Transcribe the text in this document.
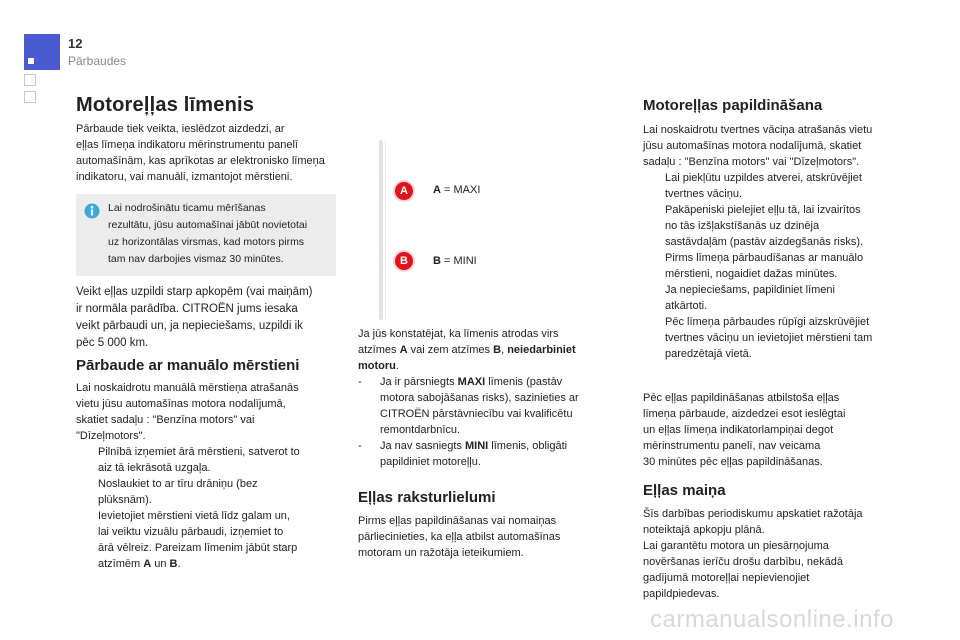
12
Pārbaudes
Motoreļļas līmenis

Pārbaude tiek veikta, ieslēdzot aizdedzi, ar

eļļas līmeņa indikatoru mērinstrumentu panelī

automašīnām, kas aprīkotas ar elektronisko līmeņa

indikatoru, vai manuāli, izmantojot mērstieni.

Lai nodrošinātu ticamu mērīšanas
rezultātu, jūsu automašīnai jābūt novietotai
uz horizontālas virsmas, kad motors pirms
tam nav darbojies vismaz 30 minūtes.

Veikt eļļas uzpildi starp apkopēm (vai maiņām)

ir normāla parādība. CITROËN jums iesaka

veikt pārbaudi un, ja nepieciešams, uzpildi ik

pēc 5 000 km.

Pārbaude ar manuālo mērstieni

Lai noskaidrotu manuālā mērstieņa atrašanās

vietu jūsu automašīnas motora nodalījumā,

skatiet sadaļu : "Benzīna motors" vai

"Dīzeļmotors".

Pilnībā izņemiet ārā mērstieni, satverot to

aiz tā iekrāsotā uzgaļa.

Noslaukiet to ar tīru drāniņu (bez

plūksnām).

Ievietojiet mērstieni vietā līdz galam un,

lai veiktu vizuālu pārbaudi, izņemiet to

ārā vēlreiz. Pareizam līmenim jābūt starp

atzīmēm A un B.

A	A = MAXI
B	B = MINI

Ja jūs konstatējat, ka līmenis atrodas virs

atzīmes A vai zem atzīmes B, neiedarbiniet

motoru.

- Ja ir pārsniegts MAXI līmenis (pastāv

motora sabojāšanas risks), sazinieties ar

CITROËN pārstāvniecību vai kvalificētu

remontdarbnīcu.

- Ja nav sasniegts MINI līmenis, obligāti

papildiniet motoreļļu.

Eļļas raksturlielumi

Pirms eļļas papildināšanas vai nomaiņas

pārliecinieties, ka eļļa atbilst automašīnas

motoram un ražotāja ieteikumiem.

Motoreļļas papildināšana

Lai noskaidrotu tvertnes vāciņa atrašanās vietu

jūsu automašīnas motora nodalījumā, skatiet

sadaļu : "Benzīna motors" vai "Dīzeļmotors".

Lai piekļūtu uzpildes atverei, atskrūvējiet

tvertnes vāciņu.

Pakāpeniski pielejiet eļļu tā, lai izvairītos

no tās izšļakstīšanās uz dzinēja

sastāvdaļām (pastāv aizdegšanās risks).

Pirms līmeņa pārbaudīšanas ar manuālo

mērstieni, nogaidiet dažas minūtes.

Ja nepieciešams, papildiniet līmeni

atkārtoti.

Pēc līmeņa pārbaudes rūpīgi aizskrūvējiet

tvertnes vāciņu un ievietojiet mērstieni tam

paredzētajā vietā.

Pēc eļļas papildināšanas atbilstoša eļļas

līmeņa pārbaude, aizdedzei esot ieslēgtai

un eļļas līmeņa indikatorlampiņai degot

mērinstrumentu panelī, nav veicama

30 minūtes pēc eļļas papildināšanas.

Eļļas maiņa

Šīs darbības periodiskumu apskatiet ražotāja

noteiktajā apkopju plānā.

Lai garantētu motora un piesārņojuma

novēršanas ierīču drošu darbību, nekādā

gadījumā motoreļļai nepievienojiet

papildpiedevas.

carmanualsonline.info
